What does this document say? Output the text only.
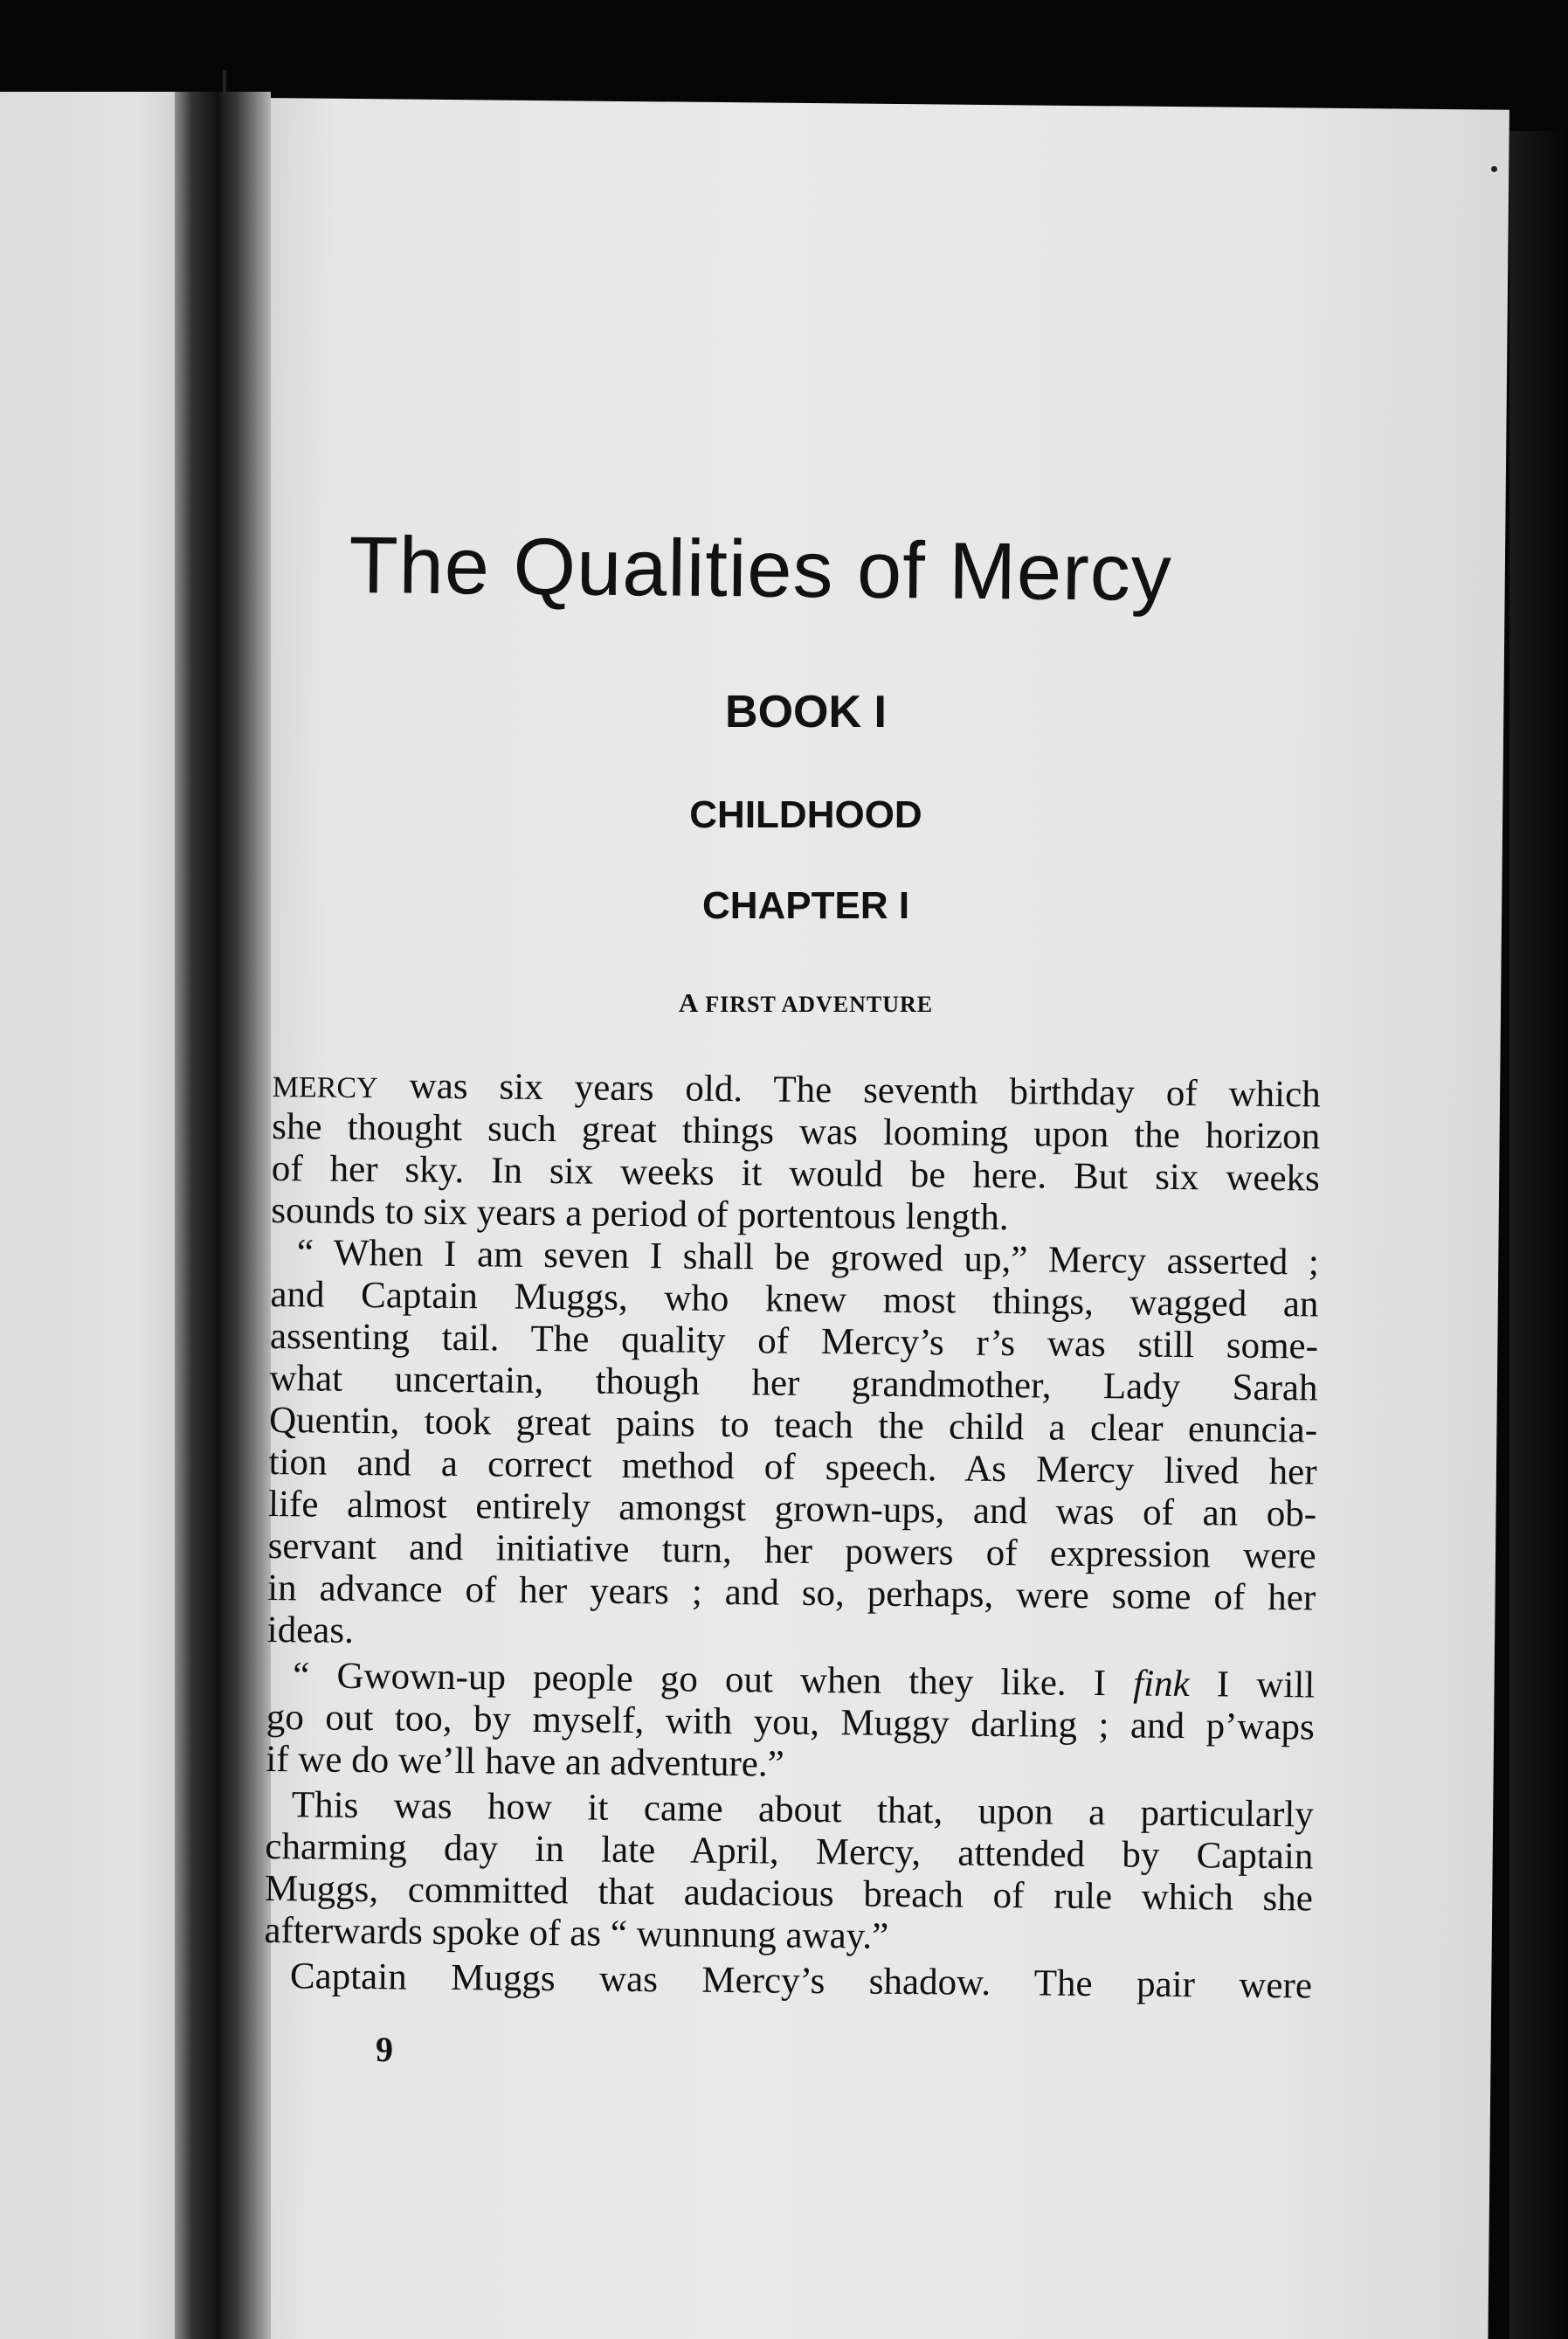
The Qualities of Mercy
BOOK I
CHILDHOOD
CHAPTER I
A FIRST ADVENTURE
MERCY was six years old. The seventh birthday of which
she thought such great things was looming upon the horizon
of her sky. In six weeks it would be here. But six weeks
sounds to six years a period of portentous length.
“ When I am seven I shall be growed up,” Mercy asserted ;
and Captain Muggs, who knew most things, wagged an
assenting tail. The quality of Mercy’s r’s was still some-
what uncertain, though her grandmother, Lady Sarah
Quentin, took great pains to teach the child a clear enuncia-
tion and a correct method of speech. As Mercy lived her
life almost entirely amongst grown-ups, and was of an ob-
servant and initiative turn, her powers of expression were
in advance of her years ; and so, perhaps, were some of her
ideas.
“ Gwown-up people go out when they like. I fink I will
go out too, by myself, with you, Muggy darling ; and p’waps
if we do we’ll have an adventure.”
This was how it came about that, upon a particularly
charming day in late April, Mercy, attended by Captain
Muggs, committed that audacious breach of rule which she
afterwards spoke of as “ wunnung away.”
Captain Muggs was Mercy’s shadow. The pair were
9
